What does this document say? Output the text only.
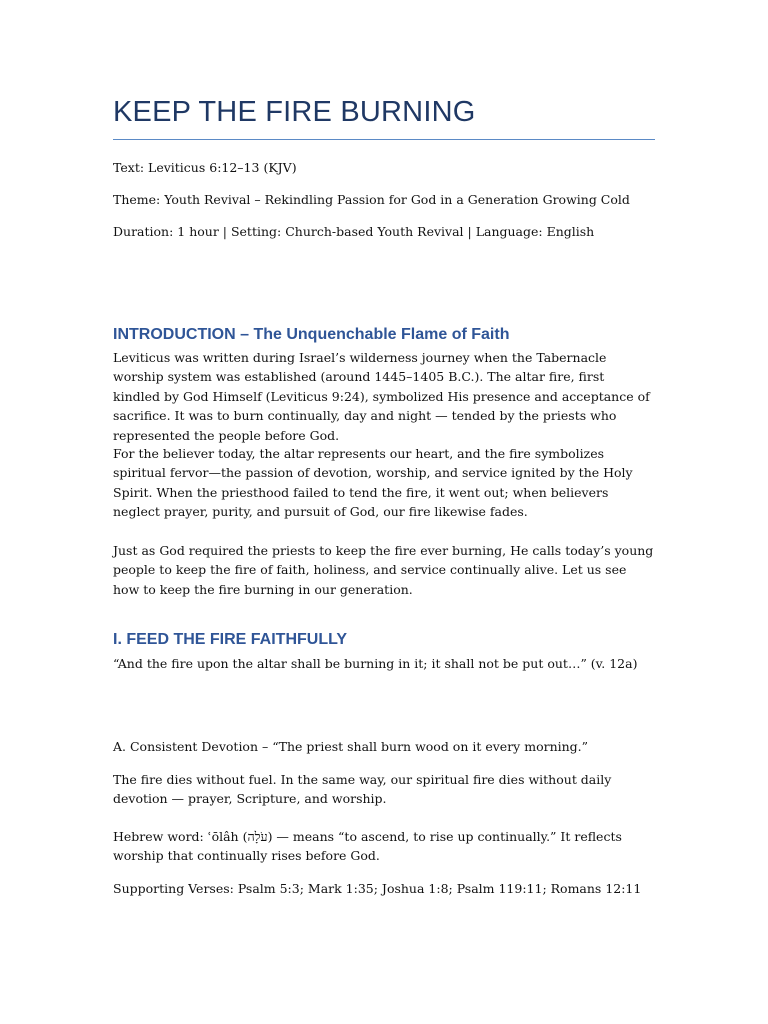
KEEP THE FIRE BURNING

Text: Leviticus 6:12–13 (KJV)

Theme: Youth Revival – Rekindling Passion for God in a Generation Growing Cold

Duration: 1 hour | Setting: Church-based Youth Revival | Language: English

INTRODUCTION – The Unquenchable Flame of Faith

Leviticus was written during Israel’s wilderness journey when the Tabernacle worship system was established (around 1445–1405 B.C.). The altar fire, first kindled by God Himself (Leviticus 9:24), symbolized His presence and acceptance of sacrifice. It was to burn continually, day and night — tended by the priests who represented the people before God.

For the believer today, the altar represents our heart, and the fire symbolizes spiritual fervor—the passion of devotion, worship, and service ignited by the Holy Spirit. When the priesthood failed to tend the fire, it went out; when believers neglect prayer, purity, and pursuit of God, our fire likewise fades.

Just as God required the priests to keep the fire ever burning, He calls today’s young people to keep the fire of faith, holiness, and service continually alive. Let us see how to keep the fire burning in our generation.

I. FEED THE FIRE FAITHFULLY

“And the fire upon the altar shall be burning in it; it shall not be put out…” (v. 12a)

A. Consistent Devotion – “The priest shall burn wood on it every morning.”

The fire dies without fuel. In the same way, our spiritual fire dies without daily devotion — prayer, Scripture, and worship.

Hebrew word: ʿōlâh (עֹלָה) — means “to ascend, to rise up continually.” It reflects worship that continually rises before God.

Supporting Verses: Psalm 5:3; Mark 1:35; Joshua 1:8; Psalm 119:11; Romans 12:11
